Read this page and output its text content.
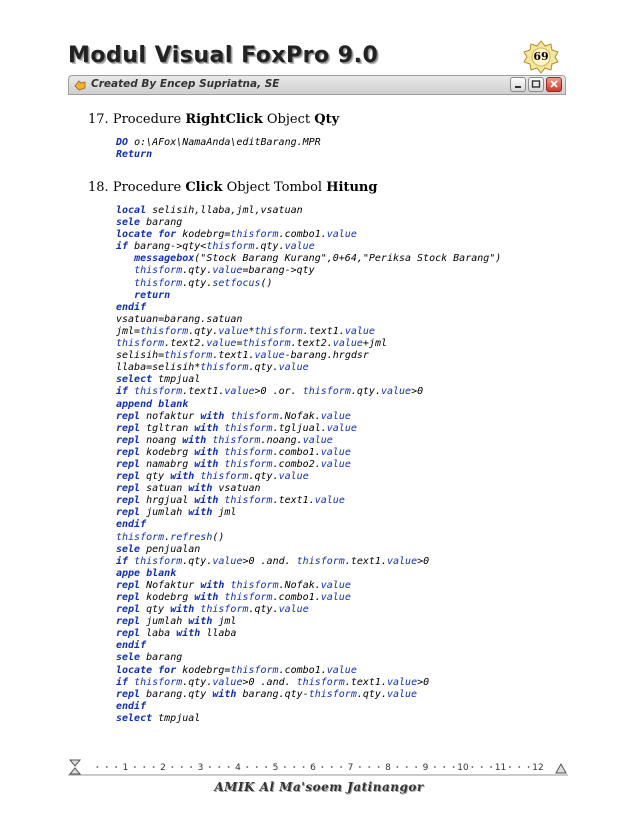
Modul Visual FoxPro 9.0	69
Created By Encep Supriatna, SE
17. Procedure RightClick Object Qty
DO o:\AFox\NamaAnda\editBarang.MPR
Return
18. Procedure Click Object Tombol Hitung
local selisih,llaba,jml,vsatuan
sele barang
locate for kodebrg=thisform.combo1.value
if barang->qty<thisform.qty.value
messagebox("Stock Barang Kurang",0+64,"Periksa Stock Barang")
thisform.qty.value=barang->qty
thisform.qty.setfocus()
return
endif
vsatuan=barang.satuan
jml=thisform.qty.value*thisform.text1.value
thisform.text2.value=thisform.text2.value+jml
selisih=thisform.text1.value-barang.hrgdsr
llaba=selisih*thisform.qty.value
select tmpjual
if thisform.text1.value>0 .or. thisform.qty.value>0
append blank
repl nofaktur with thisform.Nofak.value
repl tgltran with thisform.tgljual.value
repl noang with thisform.noang.value
repl kodebrg with thisform.combo1.value
repl namabrg with thisform.combo2.value
repl qty with thisform.qty.value
repl satuan with vsatuan
repl hrgjual with thisform.text1.value
repl jumlah with jml
endif
thisform.refresh()
sele penjualan
if thisform.qty.value>0 .and. thisform.text1.value>0
appe blank
repl Nofaktur with thisform.Nofak.value
repl kodebrg with thisform.combo1.value
repl qty with thisform.qty.value
repl jumlah with jml
repl laba with llaba
endif
sele barang
locate for kodebrg=thisform.combo1.value
if thisform.qty.value>0 .and. thisform.text1.value>0
repl barang.qty with barang.qty-thisform.qty.value
endif
select tmpjual
1	2	3	4	5	6	7	8	9	10	11	12
AMIK Al Ma'soem Jatinangor
